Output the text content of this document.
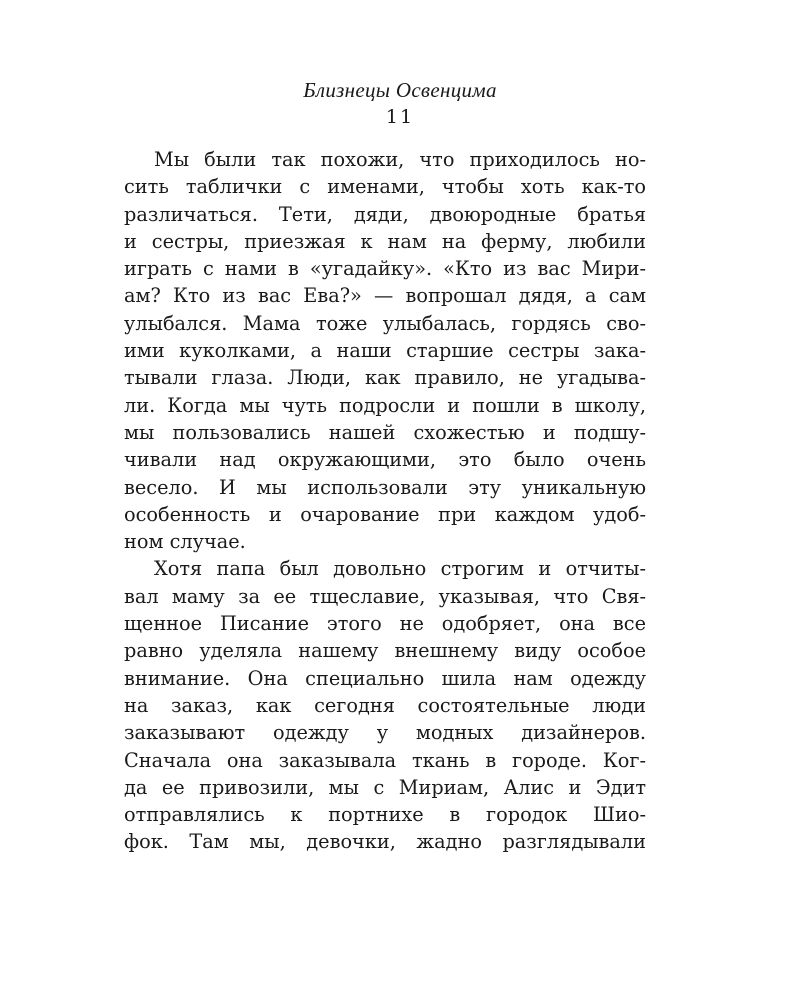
Близнецы Освенцима
11

Мы были так похожи, что приходилось но-
сить таблички с именами, чтобы хоть как-то
различаться. Тети, дяди, двоюродные братья
и сестры, приезжая к нам на ферму, любили
играть с нами в «угадайку». «Кто из вас Мири-
ам? Кто из вас Ева?» — вопрошал дядя, а сам
улыбался. Мама тоже улыбалась, гордясь сво-
ими куколками, а наши старшие сестры зака-
тывали глаза. Люди, как правило, не угадыва-
ли. Когда мы чуть подросли и пошли в школу,
мы пользовались нашей схожестью и подшу-
чивали над окружающими, это было очень
весело. И мы использовали эту уникальную
особенность и очарование при каждом удоб-
ном случае.

Хотя папа был довольно строгим и отчиты-
вал маму за ее тщеславие, указывая, что Свя-
щенное Писание этого не одобряет, она все
равно уделяла нашему внешнему виду особое
внимание. Она специально шила нам одежду
на заказ, как сегодня состоятельные люди
заказывают одежду у модных дизайнеров.
Сначала она заказывала ткань в городе. Ког-
да ее привозили, мы с Мириам, Алис и Эдит
отправлялись к портнихе в городок Шио-
фок. Там мы, девочки, жадно разглядывали
